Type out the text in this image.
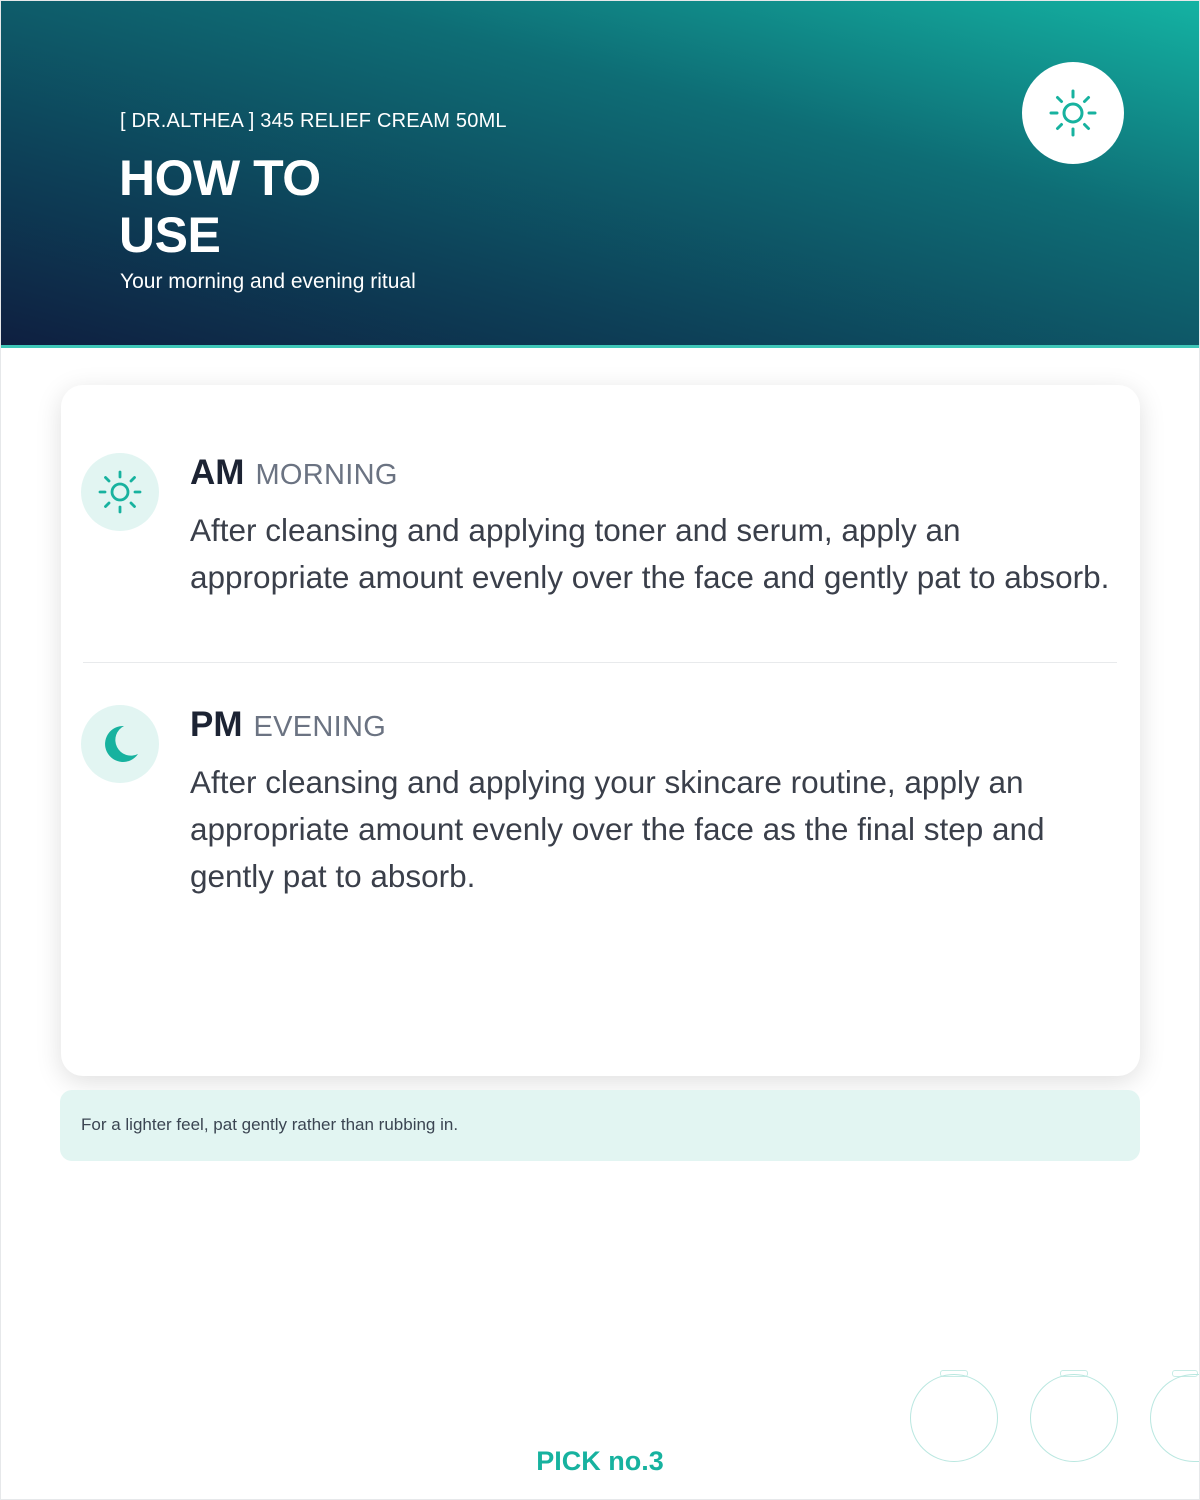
[ DR.ALTHEA ] 345 RELIEF CREAM 50ML
HOW TO
USE
Your morning and evening ritual
AM MORNING
After cleansing and applying toner and serum, apply an appropriate amount evenly over the face and gently pat to absorb.
PM EVENING
After cleansing and applying your skincare routine, apply an appropriate amount evenly over the face as the final step and gently pat to absorb.
For a lighter feel, pat gently rather than rubbing in.
PICK no.3
